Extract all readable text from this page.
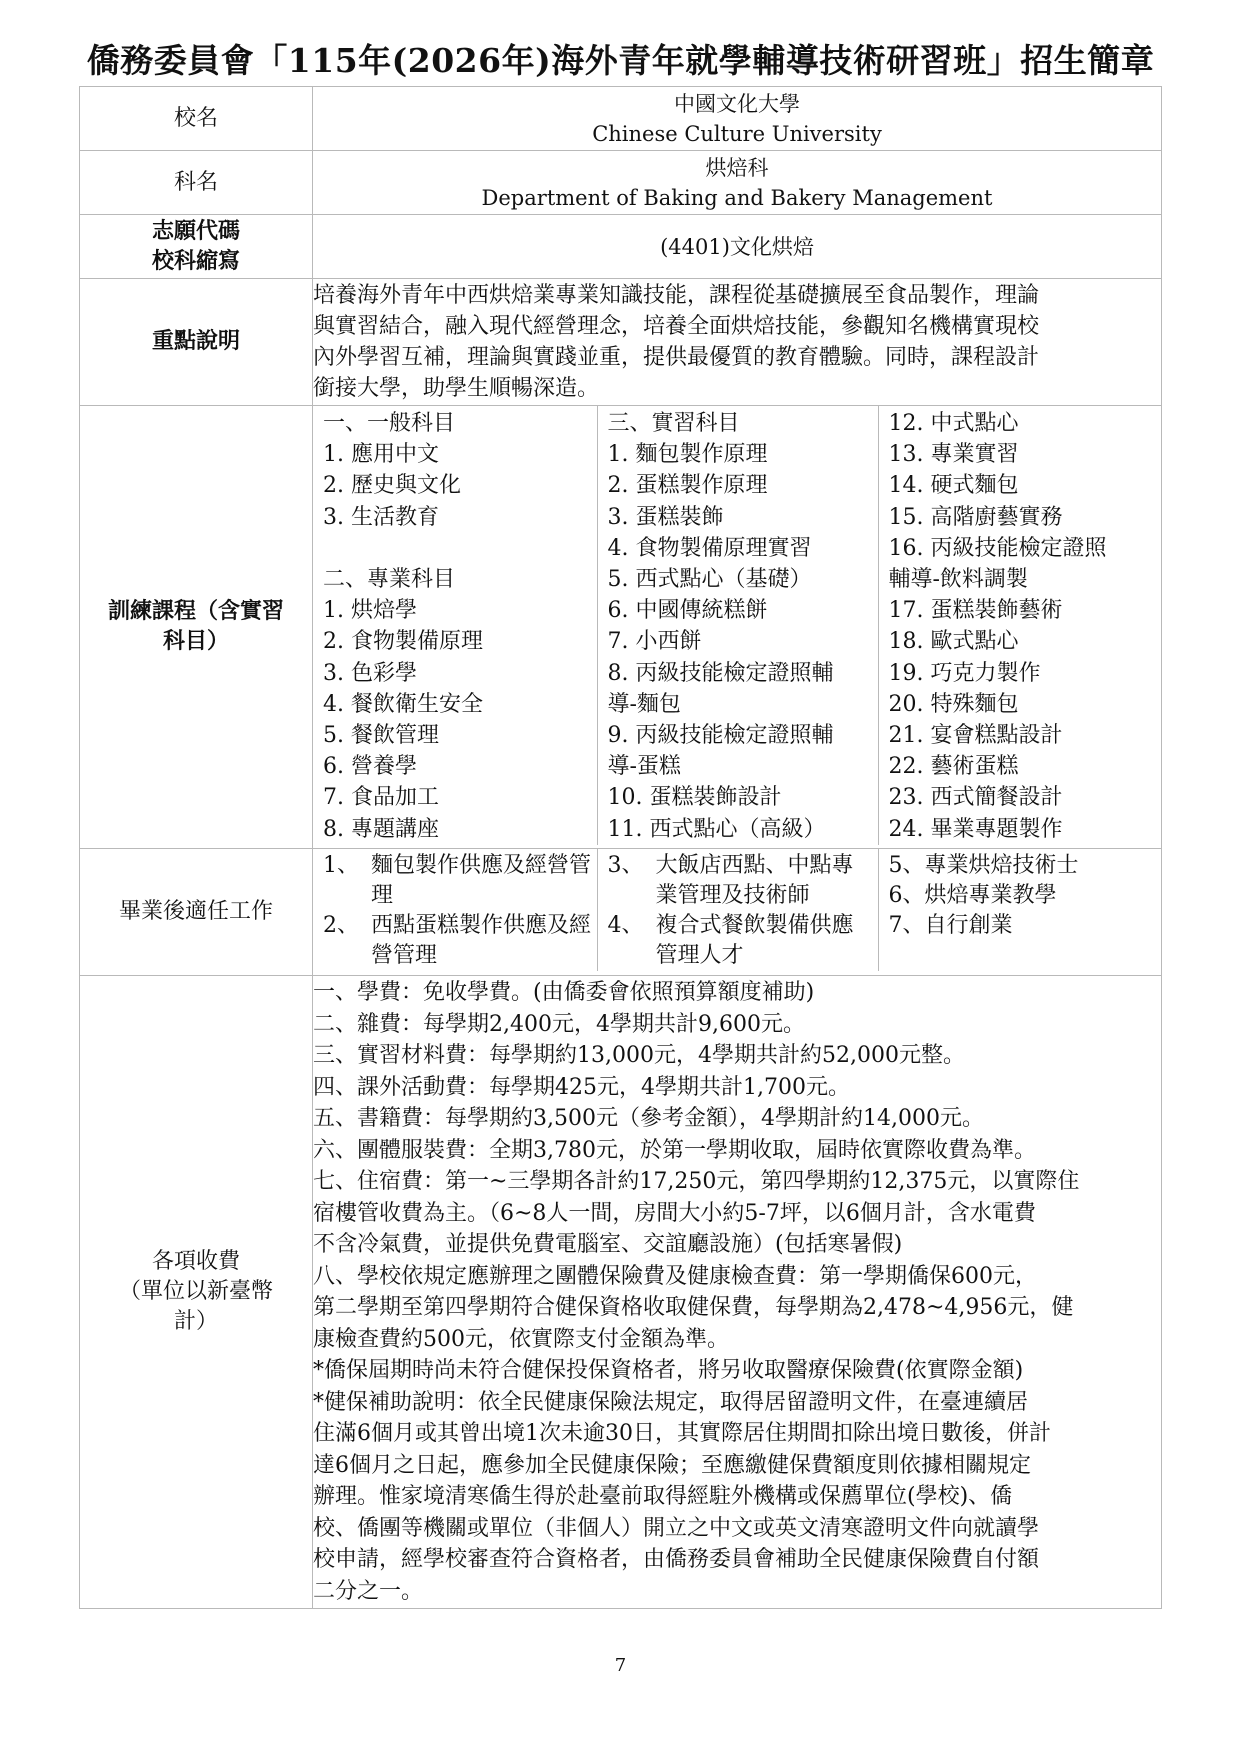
僑務委員會「115年(2026年)海外青年就學輔導技術研習班」招生簡章
校名	
中國文化大學
Chinese Culture University

科名	
烘焙科
Department of Baking and Bakery Management

志願代碼
校科縮寫
	(4401)文化烘焙
重點說明	
培養海外青年中西烘焙業專業知識技能，課程從基礎擴展至食品製作，理論
與實習結合，融入現代經營理念，培養全面烘焙技能，參觀知名機構實現校
內外學習互補，理論與實踐並重，提供最優質的教育體驗。同時，課程設計
銜接大學，助學生順暢深造。

訓練課程（含實習
科目）

一、一般科目
1. 應用中文
2. 歷史與文化
3. 生活教育
二、專業科目
1. 烘焙學
2. 食物製備原理
3. 色彩學
4. 餐飲衛生安全
5. 餐飲管理
6. 營養學
7. 食品加工
8. 專題講座

三、實習科目
1. 麵包製作原理
2. 蛋糕製作原理
3. 蛋糕裝飾
4. 食物製備原理實習
5. 西式點心（基礎）
6. 中國傳統糕餅
7. 小西餅
8. 丙級技能檢定證照輔
導-麵包
9. 丙級技能檢定證照輔
導-蛋糕
10. 蛋糕裝飾設計
11. 西式點心（高級）

12. 中式點心
13. 專業實習
14. 硬式麵包
15. 高階廚藝實務
16. 丙級技能檢定證照
輔導-飲料調製
17. 蛋糕裝飾藝術
18. 歐式點心
19. 巧克力製作
20. 特殊麵包
21. 宴會糕點設計
22. 藝術蛋糕
23. 西式簡餐設計
24. 畢業專題製作

畢業後適任工作	
1、 麵包製作供應及經營管理
2、 西點蛋糕製作供應及經營管理

3、 大飯店西點、中點專業管理及技術師
4、 複合式餐飲製備供應管理人才

5、專業烘焙技術士
6、烘焙專業教學
7、自行創業

各項收費
（單位以新臺幣
計）

一、學費：免收學費。(由僑委會依照預算額度補助)
二、雜費：每學期2,400元，4學期共計9,600元。
三、實習材料費：每學期約13,000元，4學期共計約52,000元整。
四、課外活動費：每學期425元，4學期共計1,700元。
五、書籍費：每學期約3,500元（參考金額），4學期計約14,000元。
六、團體服裝費：全期3,780元，於第一學期收取，屆時依實際收費為準。
七、住宿費：第一~三學期各計約17,250元，第四學期約12,375元，以實際住
宿樓管收費為主。（6~8人一間，房間大小約5-7坪，以6個月計，含水電費
不含冷氣費，並提供免費電腦室、交誼廳設施）(包括寒暑假)
八、學校依規定應辦理之團體保險費及健康檢查費：第一學期僑保600元，
第二學期至第四學期符合健保資格收取健保費，每學期為2,478~4,956元，健
康檢查費約500元，依實際支付金額為準。
*僑保屆期時尚未符合健保投保資格者，將另收取醫療保險費(依實際金額)
*健保補助說明：依全民健康保險法規定，取得居留證明文件，在臺連續居
住滿6個月或其曾出境1次未逾30日，其實際居住期間扣除出境日數後，併計
達6個月之日起，應參加全民健康保險；至應繳健保費額度則依據相關規定
辦理。惟家境清寒僑生得於赴臺前取得經駐外機構或保薦單位(學校)、僑
校、僑團等機關或單位（非個人）開立之中文或英文清寒證明文件向就讀學
校申請，經學校審查符合資格者，由僑務委員會補助全民健康保險費自付額
二分之一。
7
